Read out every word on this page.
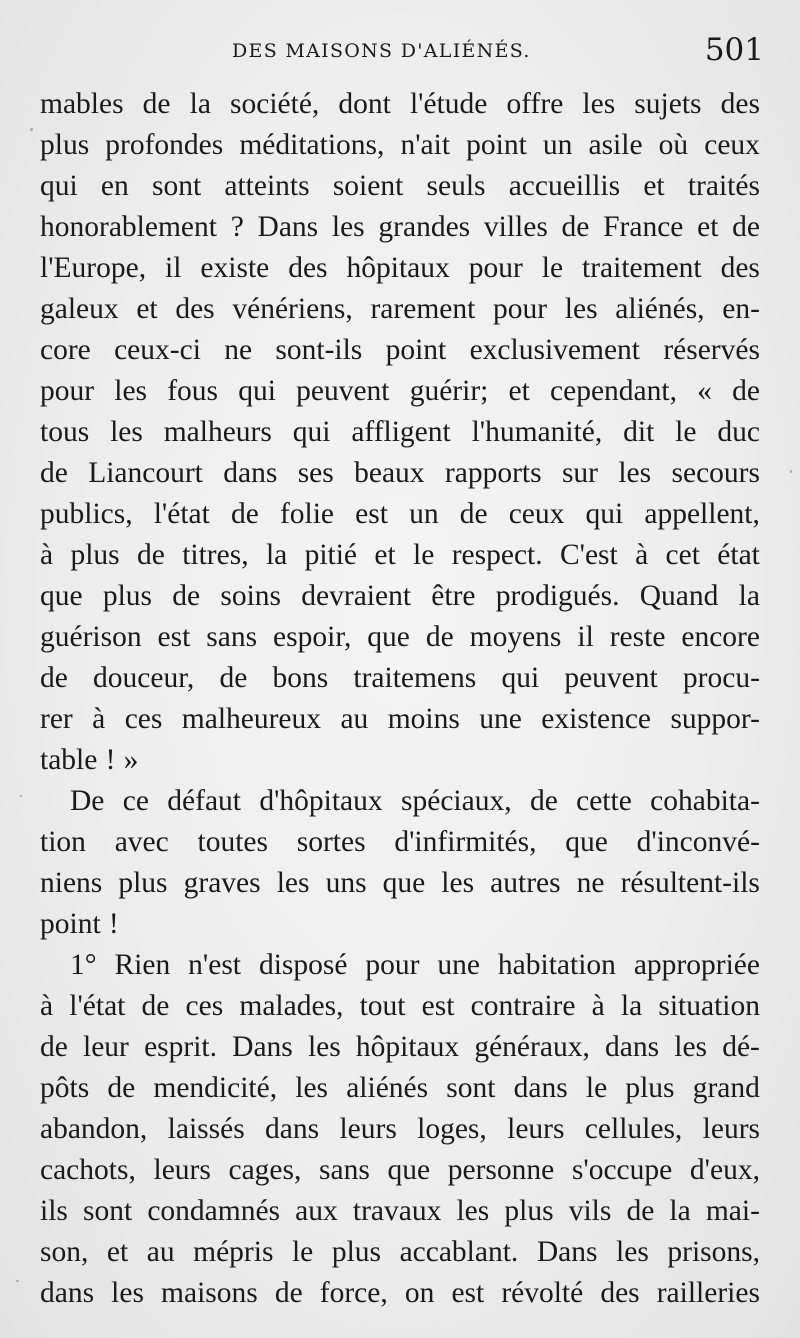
DES MAISONS D'ALIÉNÉS.	501
mables de la société, dont l'étude offre les sujets des
plus profondes méditations, n'ait point un asile où ceux
qui en sont atteints soient seuls accueillis et traités
honorablement ? Dans les grandes villes de France et de
l'Europe, il existe des hôpitaux pour le traitement des
galeux et des vénériens, rarement pour les aliénés, en-
core ceux-ci ne sont-ils point exclusivement réservés
pour les fous qui peuvent guérir; et cependant, « de
tous les malheurs qui affligent l'humanité, dit le duc
de Liancourt dans ses beaux rapports sur les secours
publics, l'état de folie est un de ceux qui appellent,
à plus de titres, la pitié et le respect. C'est à cet état
que plus de soins devraient être prodigués. Quand la
guérison est sans espoir, que de moyens il reste encore
de douceur, de bons traitemens qui peuvent procu-
rer à ces malheureux au moins une existence suppor-
table ! »
De ce défaut d'hôpitaux spéciaux, de cette cohabita-
tion avec toutes sortes d'infirmités, que d'inconvé-
niens plus graves les uns que les autres ne résultent-ils
point !
1° Rien n'est disposé pour une habitation appropriée
à l'état de ces malades, tout est contraire à la situation
de leur esprit. Dans les hôpitaux généraux, dans les dé-
pôts de mendicité, les aliénés sont dans le plus grand
abandon, laissés dans leurs loges, leurs cellules, leurs
cachots, leurs cages, sans que personne s'occupe d'eux,
ils sont condamnés aux travaux les plus vils de la mai-
son, et au mépris le plus accablant. Dans les prisons,
dans les maisons de force, on est révolté des railleries
